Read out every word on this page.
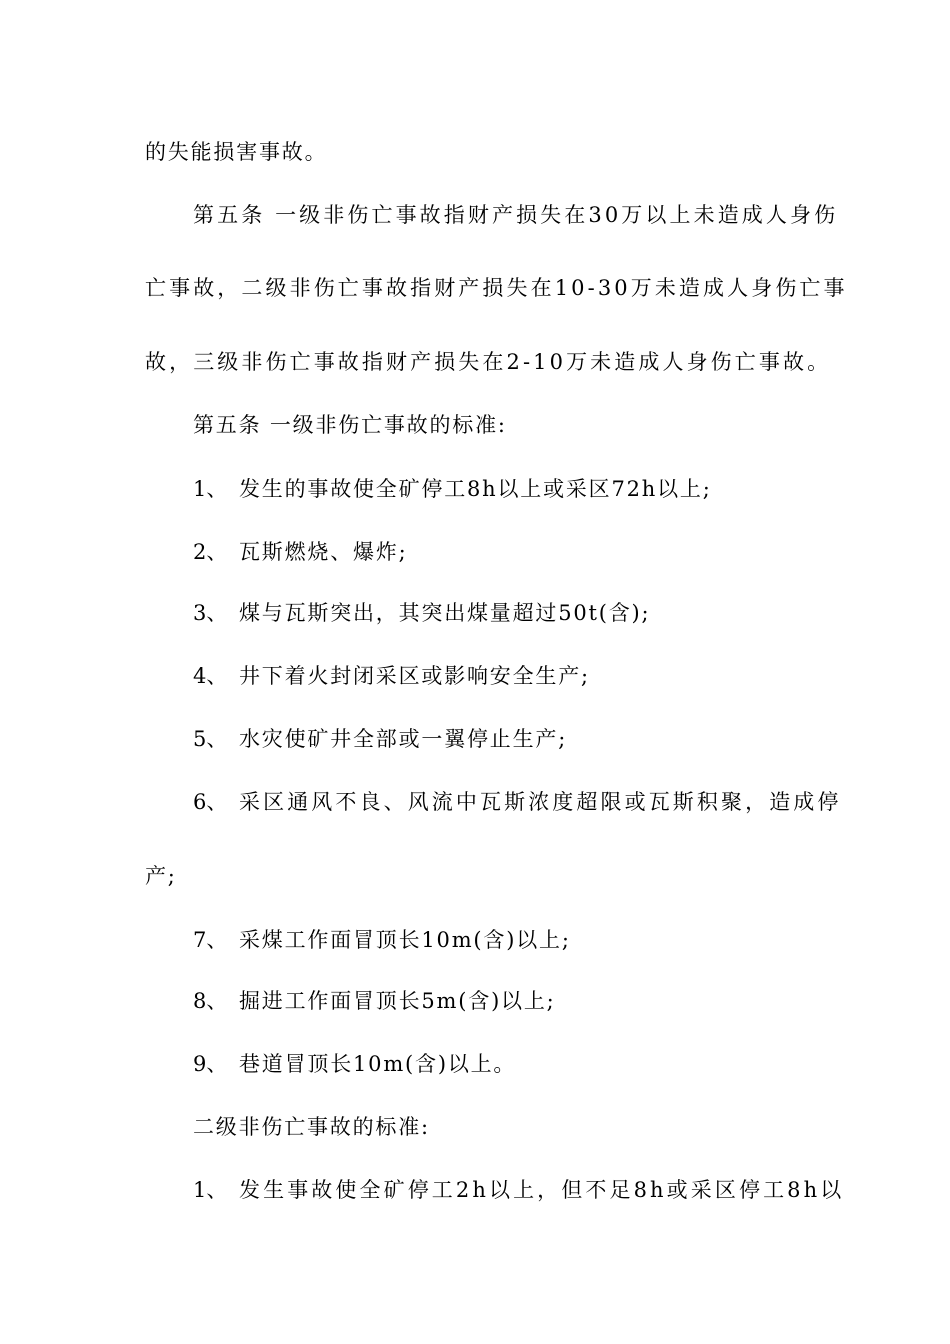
的失能损害事故。
第五条 一级非伤亡事故指财产损失在30万以上未造成人身伤
亡事故，二级非伤亡事故指财产损失在10-30万未造成人身伤亡事
故，三级非伤亡事故指财产损失在2-10万未造成人身伤亡事故。
第五条 一级非伤亡事故的标准:
1、 发生的事故使全矿停工8h以上或采区72h以上;
2、 瓦斯燃烧、爆炸;
3、 煤与瓦斯突出，其突出煤量超过50t(含);
4、 井下着火封闭采区或影响安全生产;
5、 水灾使矿井全部或一翼停止生产;
6、 采区通风不良、风流中瓦斯浓度超限或瓦斯积聚，造成停
产;
7、 采煤工作面冒顶长10m(含)以上;
8、 掘进工作面冒顶长5m(含)以上;
9、 巷道冒顶长10m(含)以上。
二级非伤亡事故的标准:
1、 发生事故使全矿停工2h以上，但不足8h或采区停工8h以
